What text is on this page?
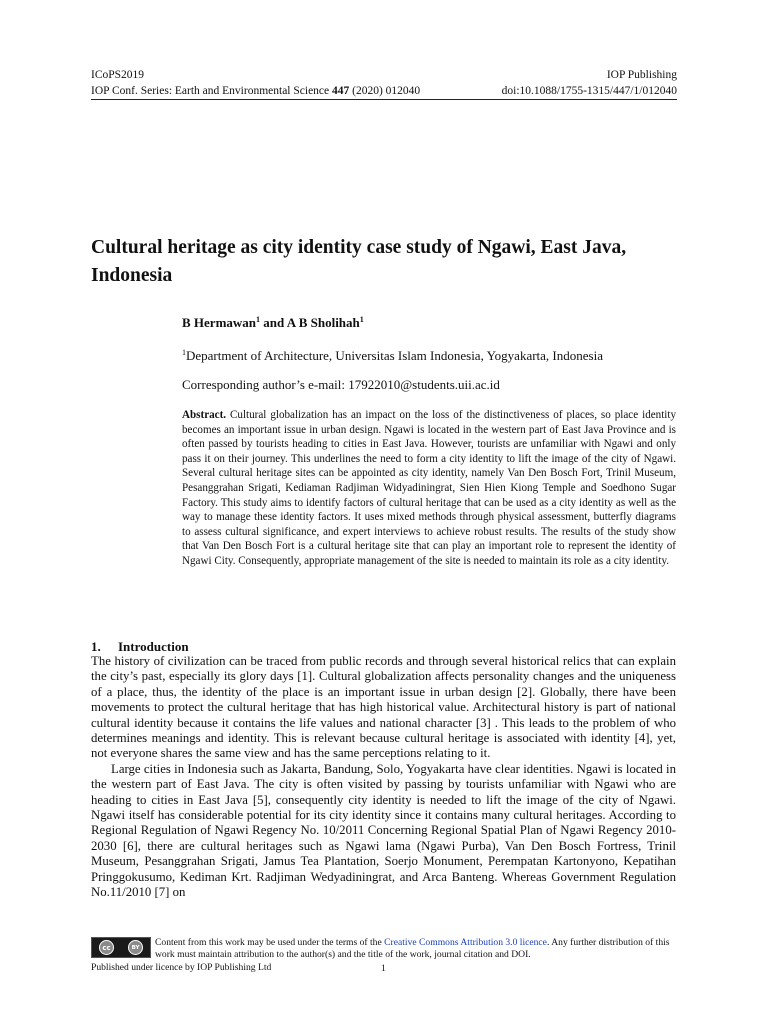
ICoPS2019	IOP Publishing
IOP Conf. Series: Earth and Environmental Science 447 (2020) 012040	doi:10.1088/1755-1315/447/1/012040
Cultural heritage as city identity case study of Ngawi, East Java, Indonesia
B Hermawan$^1$ and A B Sholihah$^1$
$^1$Department of Architecture, Universitas Islam Indonesia, Yogyakarta, Indonesia
Corresponding author’s e-mail: 17922010@students.uii.ac.id
Abstract. Cultural globalization has an impact on the loss of the distinctiveness of places, so place identity becomes an important issue in urban design. Ngawi is located in the western part of East Java Province and is often passed by tourists heading to cities in East Java. However, tourists are unfamiliar with Ngawi and only pass it on their journey. This underlines the need to form a city identity to lift the image of the city of Ngawi. Several cultural heritage sites can be appointed as city identity, namely Van Den Bosch Fort, Trinil Museum, Pesanggrahan Srigati, Kediaman Radjiman Widyadiningrat, Sien Hien Kiong Temple and Soedhono Sugar Factory. This study aims to identify factors of cultural heritage that can be used as a city identity as well as the way to manage these identity factors. It uses mixed methods through physical assessment, butterfly diagrams to assess cultural significance, and expert interviews to achieve robust results. The results of the study show that Van Den Bosch Fort is a cultural heritage site that can play an important role to represent the identity of Ngawi City. Consequently, appropriate management of the site is needed to maintain its role as a city identity.
1. Introduction

The history of civilization can be traced from public records and through several historical relics that can explain the city’s past, especially its glory days [1]. Cultural globalization affects personality changes and the uniqueness of a place, thus, the identity of the place is an important issue in urban design [2]. Globally, there have been movements to protect the cultural heritage that has high historical value. Architectural history is part of national cultural identity because it contains the life values and national character [3] . This leads to the problem of who determines meanings and identity. This is relevant because cultural heritage is associated with identity [4], yet, not everyone shares the same view and has the same perceptions relating to it.

Large cities in Indonesia such as Jakarta, Bandung, Solo, Yogyakarta have clear identities. Ngawi is located in the western part of East Java. The city is often visited by passing by tourists unfamiliar with Ngawi who are heading to cities in East Java [5], consequently city identity is needed to lift the image of the city of Ngawi. Ngawi itself has considerable potential for its city identity since it contains many cultural heritages. According to Regional Regulation of Ngawi Regency No. 10/2011 Concerning Regional Spatial Plan of Ngawi Regency 2010-2030 [6], there are cultural heritages such as Ngawi lama (Ngawi Purba), Van Den Bosch Fortress, Trinil Museum, Pesanggrahan Srigati, Jamus Tea Plantation, Soerjo Monument, Perempatan Kartonyono, Kepatihan Pringgokusumo, Kediman Krt. Radjiman Wedyadiningrat, and Arca Banteng. Whereas Government Regulation No.11/2010 [7] on

cc	BY	Content from this work may be used under the terms of the Creative Commons Attribution 3.0 licence. Any further distribution of this work must maintain attribution to the author(s) and the title of the work, journal citation and DOI.
Published under licence by IOP Publishing Ltd	1
